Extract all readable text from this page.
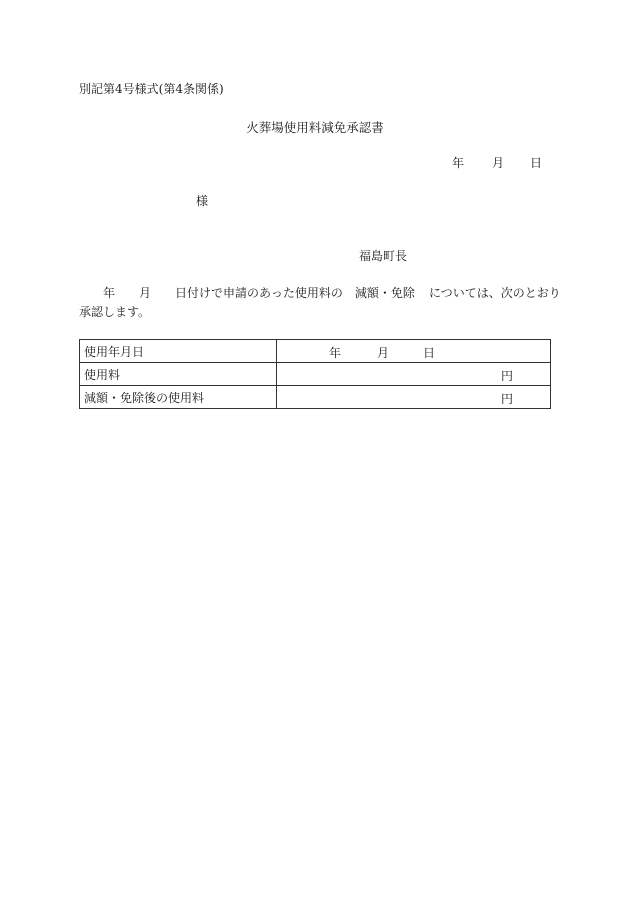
別記第4号様式(第4条関係)
火葬場使用料減免承認書
年 月 日
様
福島町長
年 月 日付けで申請のあった使用料の 減額・免除 については、次のとおり
承認します。
使用年月日	年 月 日

使用料	円

減額・免除後の使用料	円
